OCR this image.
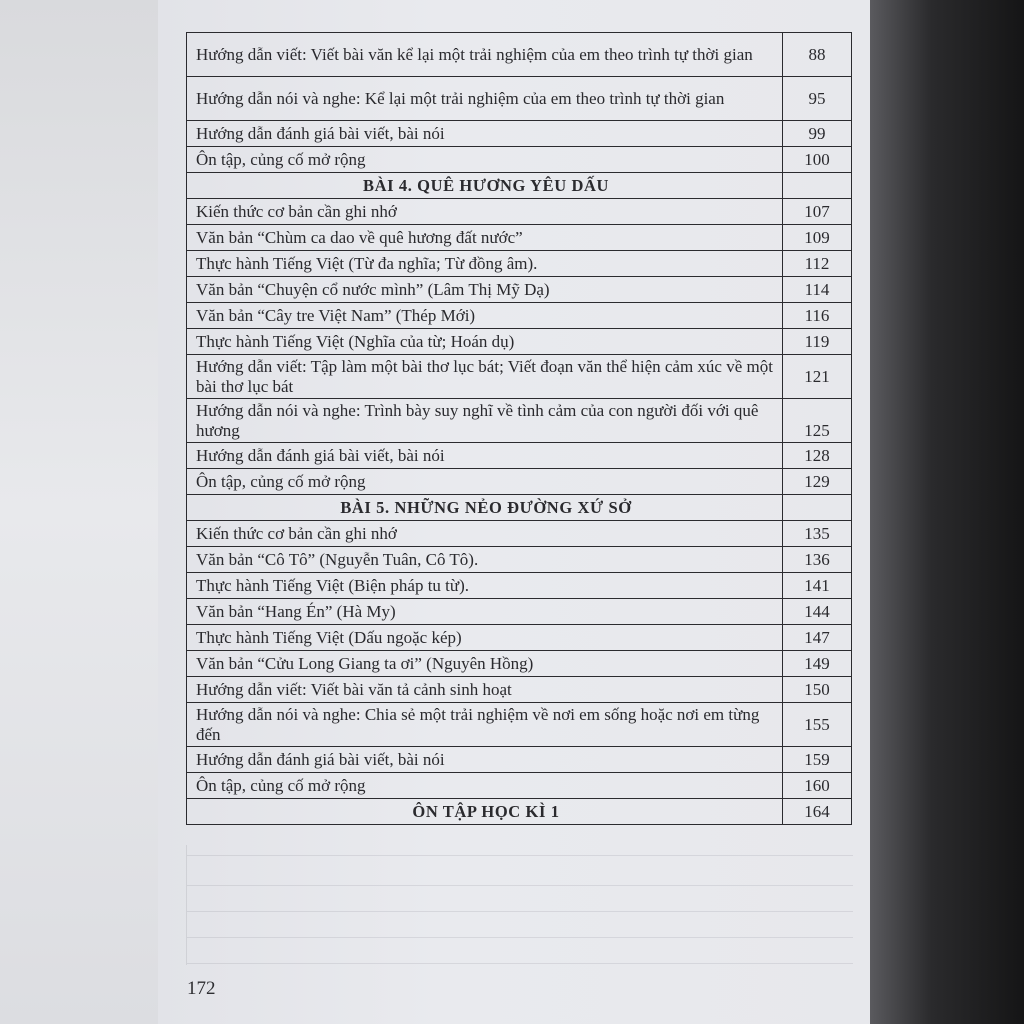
Hướng dẫn viết: Viết bài văn kể lại một trải nghiệm của em theo trình tự thời gian	88
Hướng dẫn nói và nghe: Kể lại một trải nghiệm của em theo trình tự thời gian	95
Hướng dẫn đánh giá bài viết, bài nói	99
Ôn tập, củng cố mở rộng	100
BÀI 4. QUÊ HƯƠNG YÊU DẤU	
Kiến thức cơ bản cần ghi nhớ	107
Văn bản “Chùm ca dao về quê hương đất nước”	109
Thực hành Tiếng Việt (Từ đa nghĩa; Từ đồng âm).	112
Văn bản “Chuyện cổ nước mình” (Lâm Thị Mỹ Dạ)	114
Văn bản “Cây tre Việt Nam” (Thép Mới)	116
Thực hành Tiếng Việt (Nghĩa của từ; Hoán dụ)	119
Hướng dẫn viết: Tập làm một bài thơ lục bát; Viết đoạn văn thể hiện cảm xúc về một bài thơ lục bát	121
Hướng dẫn nói và nghe: Trình bày suy nghĩ về tình cảm của con người đối với quê hương	125
Hướng dẫn đánh giá bài viết, bài nói	128
Ôn tập, củng cố mở rộng	129
BÀI 5. NHỮNG NẺO ĐƯỜNG XỨ SỞ	
Kiến thức cơ bản cần ghi nhớ	135
Văn bản “Cô Tô” (Nguyễn Tuân, Cô Tô).	136
Thực hành Tiếng Việt (Biện pháp tu từ).	141
Văn bản “Hang Én” (Hà My)	144
Thực hành Tiếng Việt (Dấu ngoặc kép)	147
Văn bản “Cửu Long Giang ta ơi” (Nguyên Hồng)	149
Hướng dẫn viết: Viết bài văn tả cảnh sinh hoạt	150
Hướng dẫn nói và nghe: Chia sẻ một trải nghiệm về nơi em sống hoặc nơi em từng đến	155
Hướng dẫn đánh giá bài viết, bài nói	159
Ôn tập, củng cố mở rộng	160
ÔN TẬP HỌC KÌ 1	164
172
